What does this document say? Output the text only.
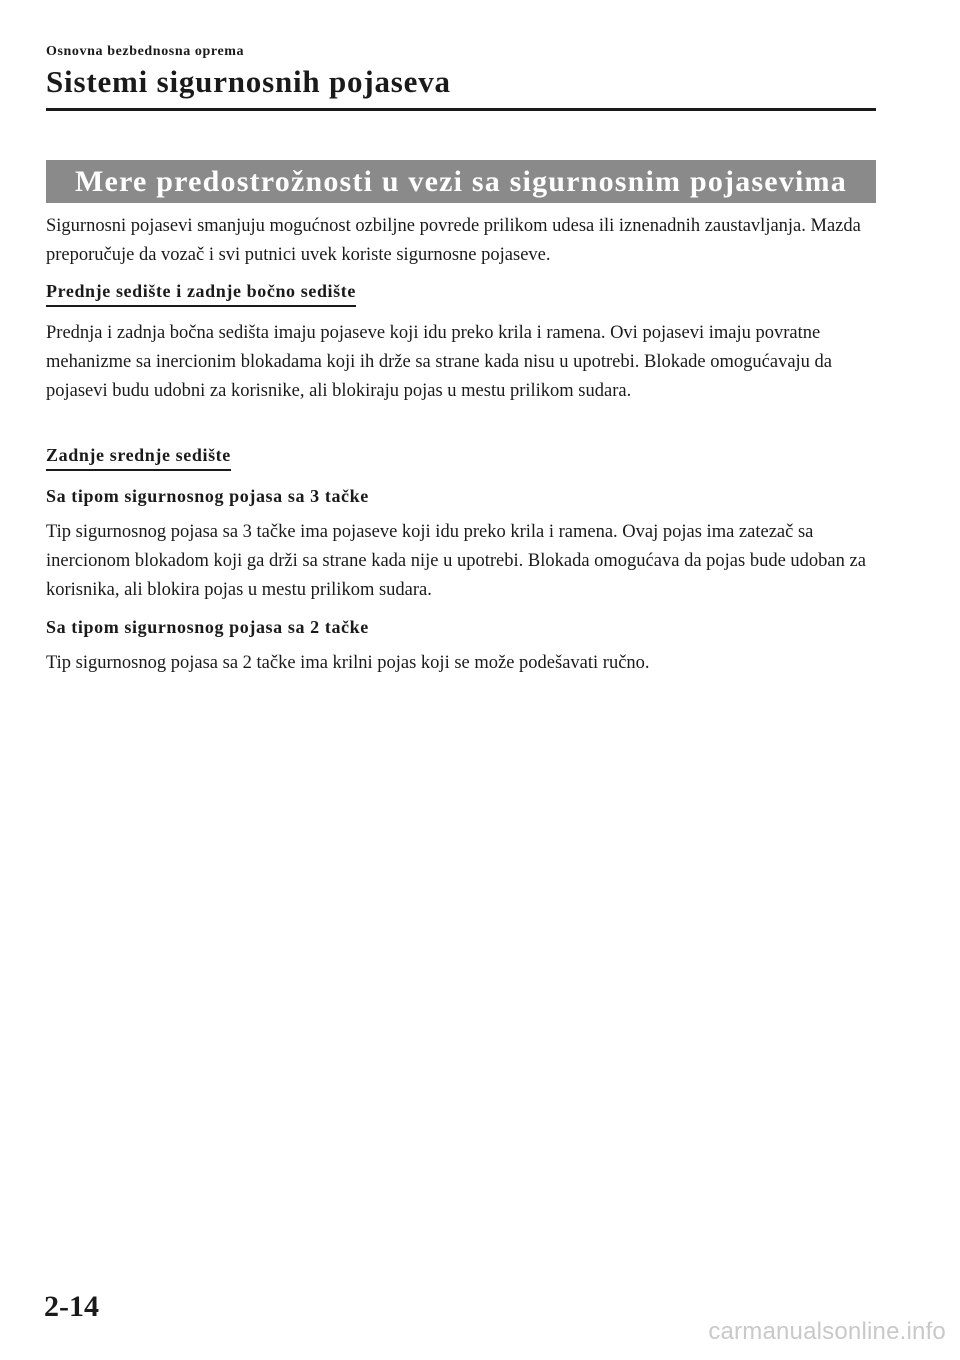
Osnovna bezbednosna oprema
Sistemi sigurnosnih pojaseva
Mere predostrožnosti u vezi sa sigurnosnim pojasevima

Sigurnosni pojasevi smanjuju mogućnost ozbiljne povrede prilikom udesa ili iznenadnih zaustavljanja. Mazda preporučuje da vozač i svi putnici uvek koriste sigurnosne pojaseve.

Prednje sedište i zadnje bočno sedište

Prednja i zadnja bočna sedišta imaju pojaseve koji idu preko krila i ramena. Ovi pojasevi imaju povratne mehanizme sa inercionim blokadama koji ih drže sa strane kada nisu u upotrebi. Blokade omogućavaju da pojasevi budu udobni za korisnike, ali blokiraju pojas u mestu prilikom sudara.

Zadnje srednje sedište
Sa tipom sigurnosnog pojasa sa 3 tačke

Tip sigurnosnog pojasa sa 3 tačke ima pojaseve koji idu preko krila i ramena. Ovaj pojas ima zatezač sa inercionom blokadom koji ga drži sa strane kada nije u upotrebi. Blokada omogućava da pojas bude udoban za korisnika, ali blokira pojas u mestu prilikom sudara.

Sa tipom sigurnosnog pojasa sa 2 tačke

Tip sigurnosnog pojasa sa 2 tačke ima krilni pojas koji se može podešavati ručno.

2-14
carmanualsonline.info
